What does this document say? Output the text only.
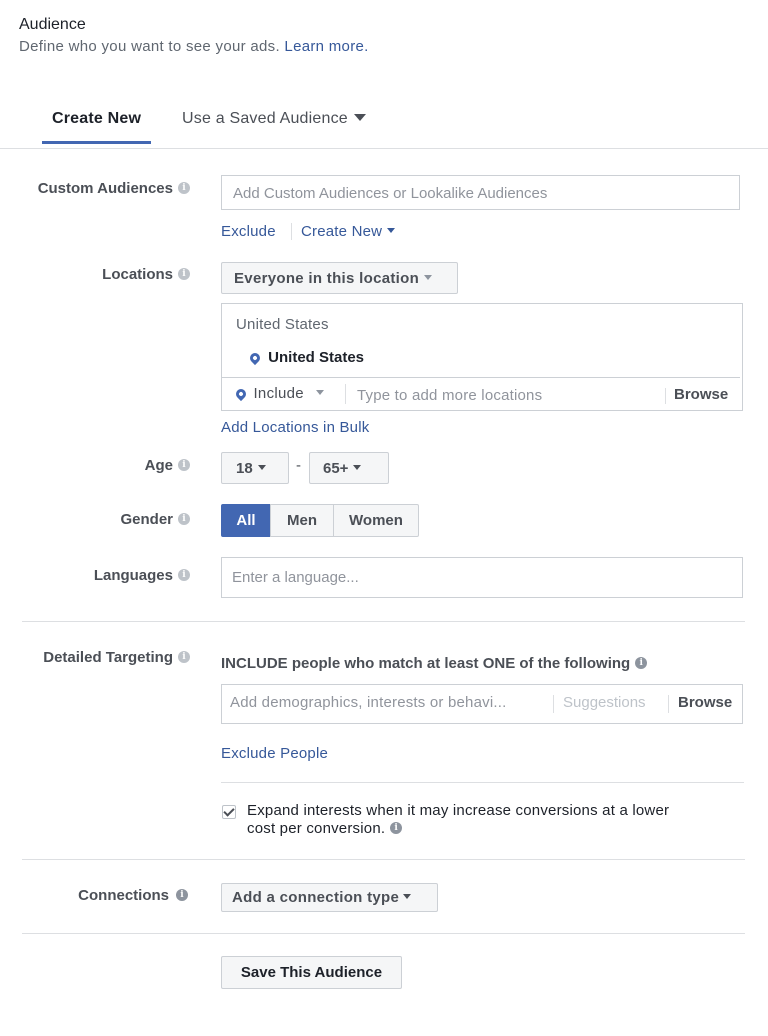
Audience
Define who you want to see your ads. Learn more.
Create New	Use a Saved Audience
Custom Audiences i	Add Custom Audiences or Lookalike Audiences
Exclude Create New
Locations i	Everyone in this location
United States
United States
Include	Type to add more locations	Browse
Add Locations in Bulk
Age i	18	-	65+
Gender i	All	Men	Women
Languages i	Enter a language...
Detailed Targeting i INCLUDE people who match at least ONE of the following i
Add demographics, interests or behavi...	Suggestions Browse
Exclude People
Expand interests when it may increase conversions at a lower
cost per conversion. i
Connections i	Add a connection type
Save This Audience
